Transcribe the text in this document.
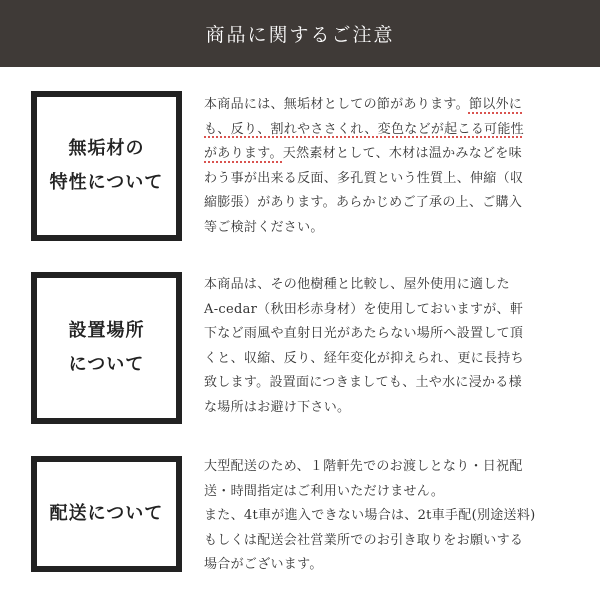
商品に関するご注意
無垢材の
特性について

本商品には、無垢材としての節があります。節以外に
も、反り、割れやささくれ、変色などが起こる可能性
があります。天然素材として、木材は温かみなどを味
わう事が出来る反面、多孔質という性質上、伸縮（収
縮膨張）があります。あらかじめご了承の上、ご購入
等ご検討ください。

設置場所
について

本商品は、その他樹種と比較し、屋外使用に適した
A-cedar（秋田杉赤身材）を使用しておいますが、軒
下など雨風や直射日光があたらない場所へ設置して頂
くと、収縮、反り、経年変化が抑えられ、更に長持ち
致します。設置面につきましても、土や水に浸かる様
な場所はお避け下さい。

配送について

大型配送のため、１階軒先でのお渡しとなり・日祝配
送・時間指定はご利用いただけません。
また、4t車が進入できない場合は、2t車手配(別途送料)
もしくは配送会社営業所でのお引き取りをお願いする
場合がございます。
